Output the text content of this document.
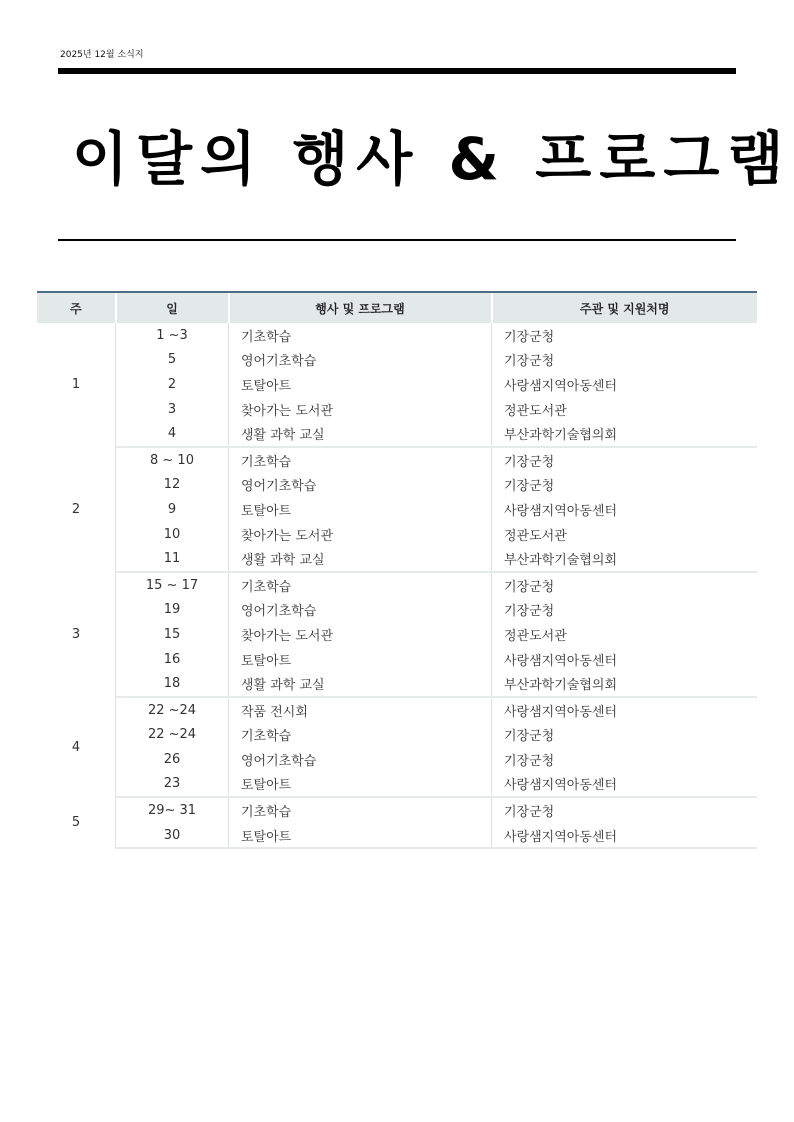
2025년 12월 소식지
이달의 행사 & 프로그램
주	일	행사 및 프로그램	주관 및 지원처명
1	1 ~3	기초학습	기장군청
	5	영어기초학습	기장군청
	2	토탈아트	사랑샘지역아동센터
	3	찾아가는 도서관	정관도서관
	4	생활 과학 교실	부산과학기술협의회
2	8 ~ 10	기초학습	기장군청
	12	영어기초학습	기장군청
	9	토탈아트	사랑샘지역아동센터
	10	찾아가는 도서관	정관도서관
	11	생활 과학 교실	부산과학기술협의회
3	15 ~ 17	기초학습	기장군청
	19	영어기초학습	기장군청
	15	찾아가는 도서관	정관도서관
	16	토탈아트	사랑샘지역아동센터
	18	생활 과학 교실	부산과학기술협의회
4	22 ~24	작품 전시회	사랑샘지역아동센터
	22 ~24	기초학습	기장군청
	26	영어기초학습	기장군청
	23	토탈아트	사랑샘지역아동센터
5	29~ 31	기초학습	기장군청
	30	토탈아트	사랑샘지역아동센터
